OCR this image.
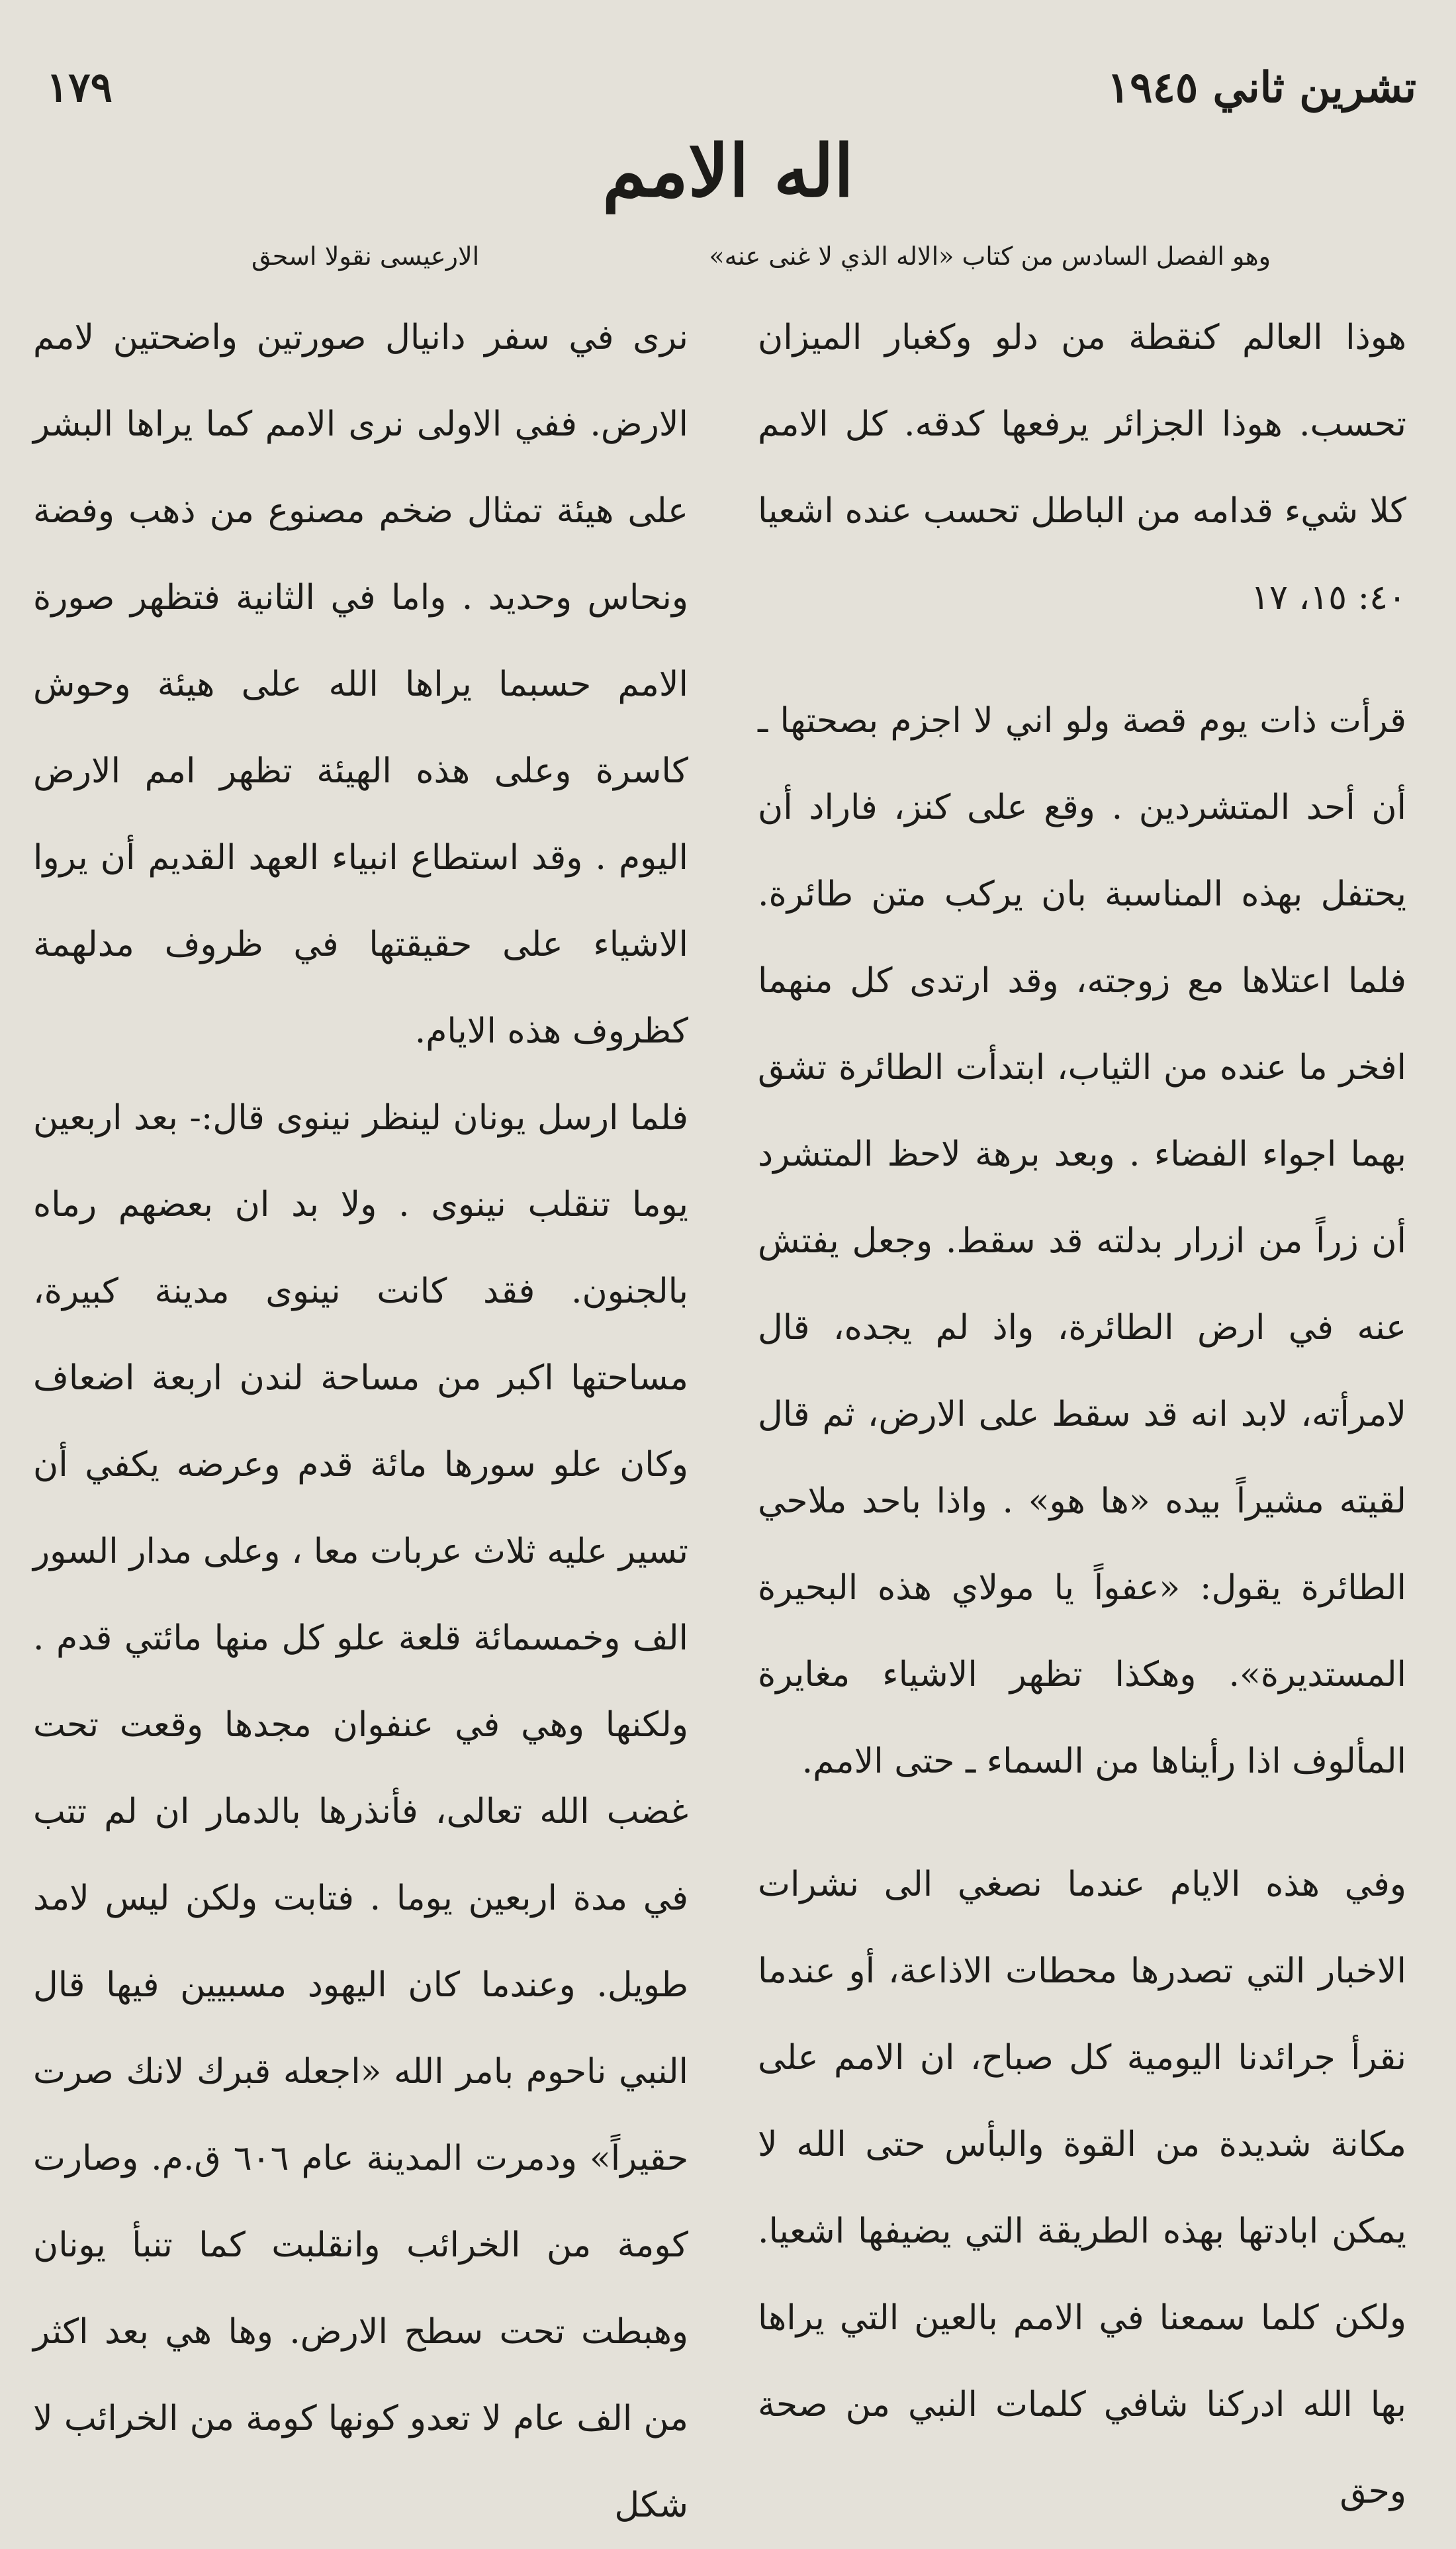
تشرين ثاني ١٩٤٥
١٧٩
اله الامم
وهو الفصل السادس من كتاب «الاله الذي لا غنى عنه»
الارعيسى نقولا اسحق

هوذا العالم كنقطة من دلو وكغبار الميزان تحسب. هوذا الجزائر يرفعها كدقه. كل الامم كلا شيء قدامه من الباطل تحسب عنده اشعيا ٤٠: ١٥، ١٧

قرأت ذات يوم قصة ولو اني لا اجزم بصحتها ـ أن أحد المتشردين . وقع على كنز، فاراد أن يحتفل بهذه المناسبة بان يركب متن طائرة. فلما اعتلاها مع زوجته، وقد ارتدى كل منهما افخر ما عنده من الثياب، ابتدأت الطائرة تشق بهما اجواء الفضاء . وبعد برهة لاحظ المتشرد أن زراً من ازرار بدلته قد سقط. وجعل يفتش عنه في ارض الطائرة، واذ لم يجده، قال لامرأته، لابد انه قد سقط على الارض، ثم قال لقيته مشيراً بيده «ها هو» . واذا باحد ملاحي الطائرة يقول: «عفواً يا مولاي هذه البحيرة المستديرة». وهكذا تظهر الاشياء مغايرة المألوف اذا رأيناها من السماء ـ حتى الامم.

وفي هذه الايام عندما نصغي الى نشرات الاخبار التي تصدرها محطات الاذاعة، أو عندما نقرأ جرائدنا اليومية كل صباح، ان الامم على مكانة شديدة من القوة والبأس حتى الله لا يمكن ابادتها بهذه الطريقة التي يضيفها اشعيا. ولكن كلما سمعنا في الامم بالعين التي يراها بها الله ادركنا شافي كلمات النبي من صحة وحق

نرى في سفر دانيال صورتين واضحتين لامم الارض. ففي الاولى نرى الامم كما يراها البشر على هيئة تمثال ضخم مصنوع من ذهب وفضة ونحاس وحديد . واما في الثانية فتظهر صورة الامم حسبما يراها الله على هيئة وحوش كاسرة وعلى هذه الهيئة تظهر امم الارض اليوم . وقد استطاع انبياء العهد القديم أن يروا الاشياء على حقيقتها في ظروف مدلهمة كظروف هذه الايام.

فلما ارسل يونان لينظر نينوى قال:- بعد اربعين يوما تنقلب نينوى . ولا بد ان بعضهم رماه بالجنون. فقد كانت نينوى مدينة كبيرة، مساحتها اكبر من مساحة لندن اربعة اضعاف وكان علو سورها مائة قدم وعرضه يكفي أن تسير عليه ثلاث عربات معا ، وعلى مدار السور الف وخمسمائة قلعة علو كل منها مائتي قدم . ولكنها وهي في عنفوان مجدها وقعت تحت غضب الله تعالى، فأنذرها بالدمار ان لم تتب في مدة اربعين يوما . فتابت ولكن ليس لامد طويل. وعندما كان اليهود مسبيين فيها قال النبي ناحوم بامر الله «اجعله قبرك لانك صرت حقيراً» ودمرت المدينة عام ٦٠٦ ق.م. وصارت كومة من الخرائب وانقلبت كما تنبأ يونان وهبطت تحت سطح الارض. وها هي بعد اكثر من الف عام لا تعدو كونها كومة من الخرائب لا شكل
